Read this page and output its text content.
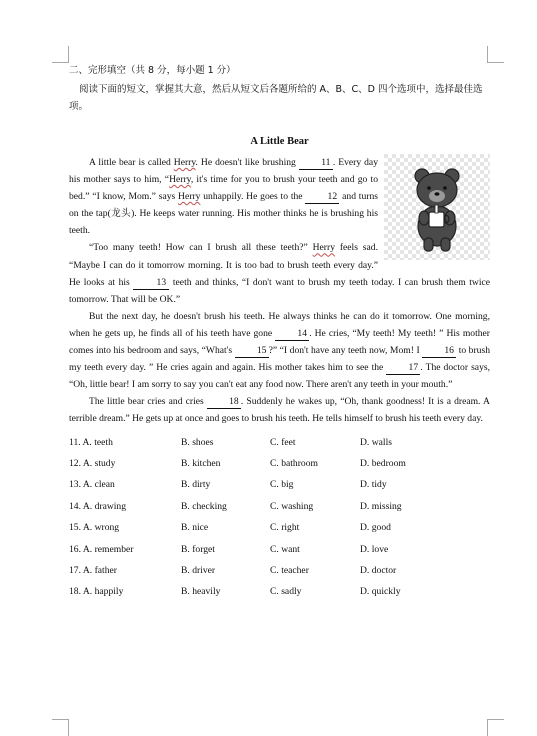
二、完形填空（共 8 分，每小题 1 分）

阅读下面的短文，掌握其大意，然后从短文后各题所给的 A、B、C、D 四个选项中，选择最佳选项。

A Little Bear

A little bear is called Herry. He doesn't like brushing 11 . Every day his mother says to him, “Herry, it's time for you to brush your teeth and go to bed.” “I know, Mom.” says Herry unhappily. He goes to the 12 and turns on the tap(龙头). He keeps water running. His mother thinks he is brushing his teeth.

“Too many teeth! How can I brush all these teeth?” Herry feels sad. “Maybe I can do it tomorrow morning. It is too bad to brush teeth every day.” He looks at his 13 teeth and thinks, “I don't want to brush my teeth today. I can brush them twice tomorrow. That will be OK.”

But the next day, he doesn't brush his teeth. He always thinks he can do it tomorrow. One morning, when he gets up, he finds all of his teeth have gone 14 . He cries, “My teeth! My teeth! ” His mother comes into his bedroom and says, “What's 15 ?” “I don't have any teeth now, Mom! I 16 to brush my teeth every day. ” He cries again and again. His mother takes him to see the 17 . The doctor says, “Oh, little bear! I am sorry to say you can't eat any food now. There aren't any teeth in your mouth.”

The little bear cries and cries 18 . Suddenly he wakes up, “Oh, thank goodness! It is a dream. A terrible dream.” He gets up at once and goes to brush his teeth. He tells himself to brush his teeth every day.

11. A. teeth	B. shoes	C. feet	D. walls
12. A. study	B. kitchen	C. bathroom	D. bedroom
13. A. clean	B. dirty	C. big	D. tidy
14. A. drawing	B. checking	C. washing	D. missing
15. A. wrong	B. nice	C. right	D. good
16. A. remember	B. forget	C. want	D. love
17. A. father	B. driver	C. teacher	D. doctor
18. A. happily	B. heavily	C. sadly	D. quickly
